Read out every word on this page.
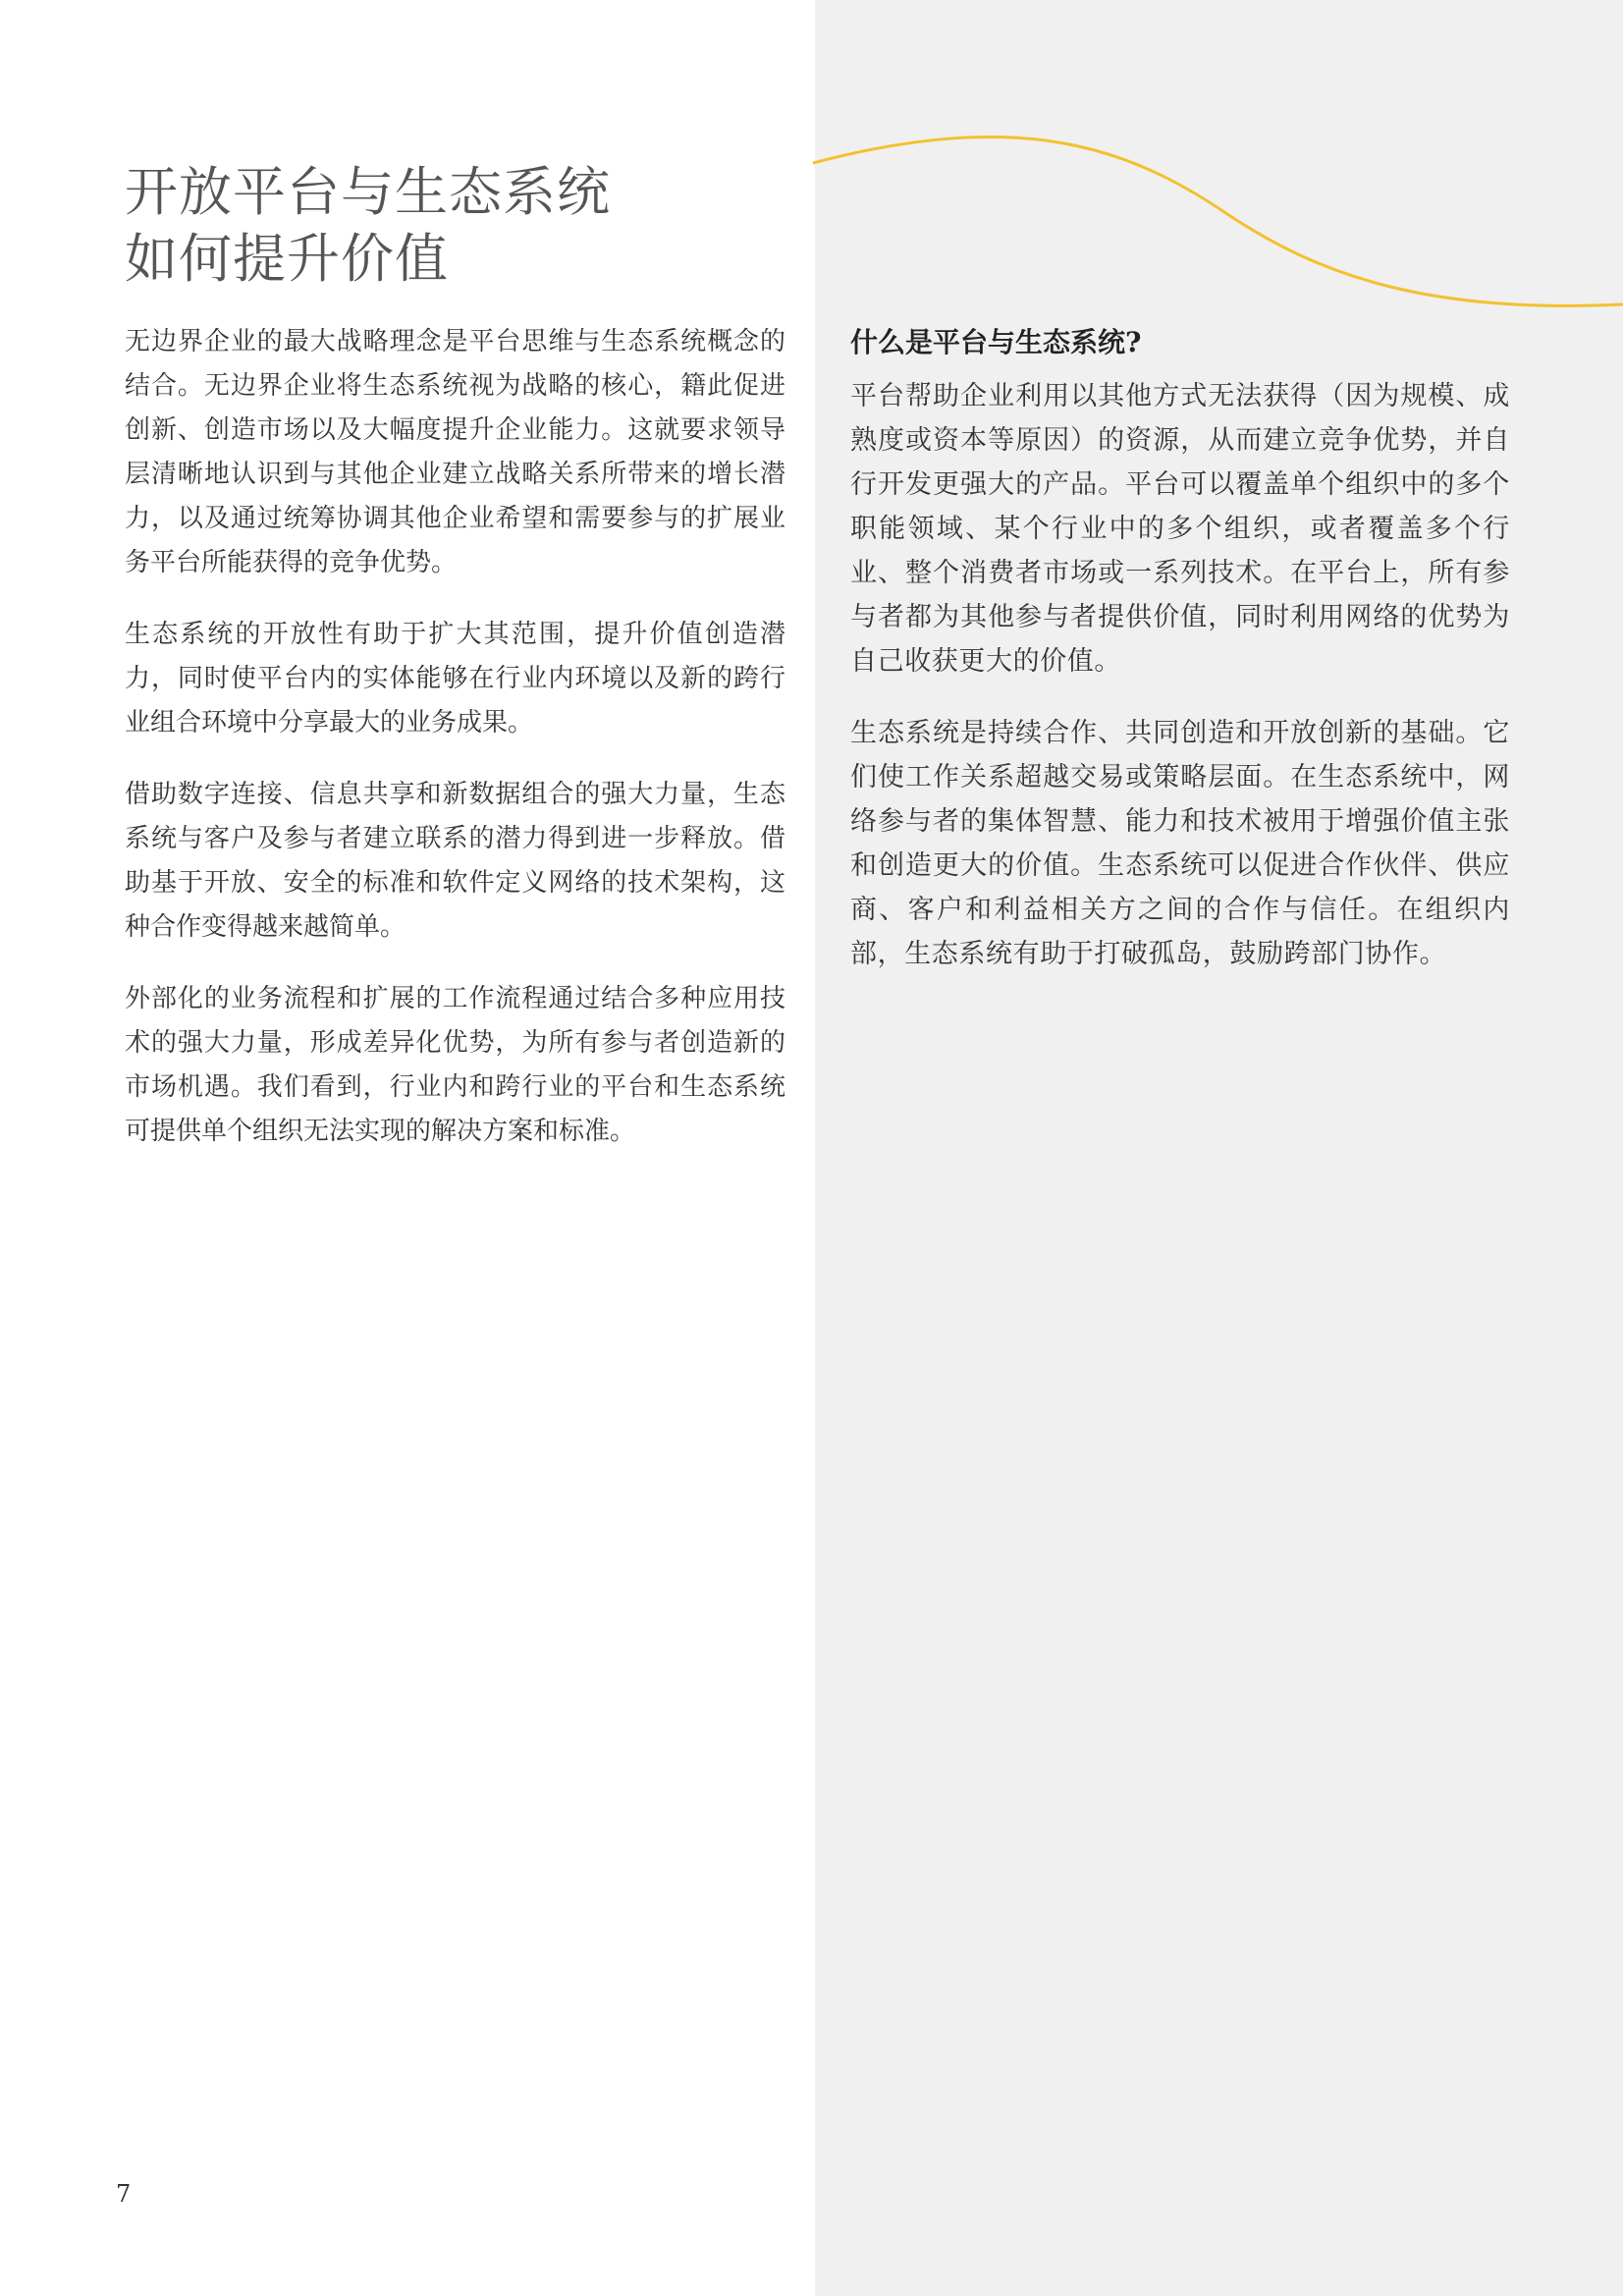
开放平台与生态系统
如何提升价值

无边界企业的最大战略理念是平台思维与生态系统概念的结合。无边界企业将生态系统视为战略的核心，籍此促进创新、创造市场以及大幅度提升企业能力。这就要求领导层清晰地认识到与其他企业建立战略关系所带来的增长潜力，以及通过统筹协调其他企业希望和需要参与的扩展业务平台所能获得的竞争优势。

生态系统的开放性有助于扩大其范围，提升价值创造潜力，同时使平台内的实体能够在行业内环境以及新的跨行业组合环境中分享最大的业务成果。

借助数字连接、信息共享和新数据组合的强大力量，生态系统与客户及参与者建立联系的潜力得到进一步释放。借助基于开放、安全的标准和软件定义网络的技术架构，这种合作变得越来越简单。

外部化的业务流程和扩展的工作流程通过结合多种应用技术的强大力量，形成差异化优势，为所有参与者创造新的市场机遇。我们看到，行业内和跨行业的平台和生态系统可提供单个组织无法实现的解决方案和标准。

什么是平台与生态系统?

平台帮助企业利用以其他方式无法获得（因为规模、成熟度或资本等原因）的资源，从而建立竞争优势，并自行开发更强大的产品。平台可以覆盖单个组织中的多个职能领域、某个行业中的多个组织，或者覆盖多个行业、整个消费者市场或一系列技术。在平台上，所有参与者都为其他参与者提供价值，同时利用网络的优势为自己收获更大的价值。

生态系统是持续合作、共同创造和开放创新的基础。它们使工作关系超越交易或策略层面。在生态系统中，网络参与者的集体智慧、能力和技术被用于增强价值主张和创造更大的价值。生态系统可以促进合作伙伴、供应商、客户和利益相关方之间的合作与信任。在组织内部，生态系统有助于打破孤岛，鼓励跨部门协作。

7
